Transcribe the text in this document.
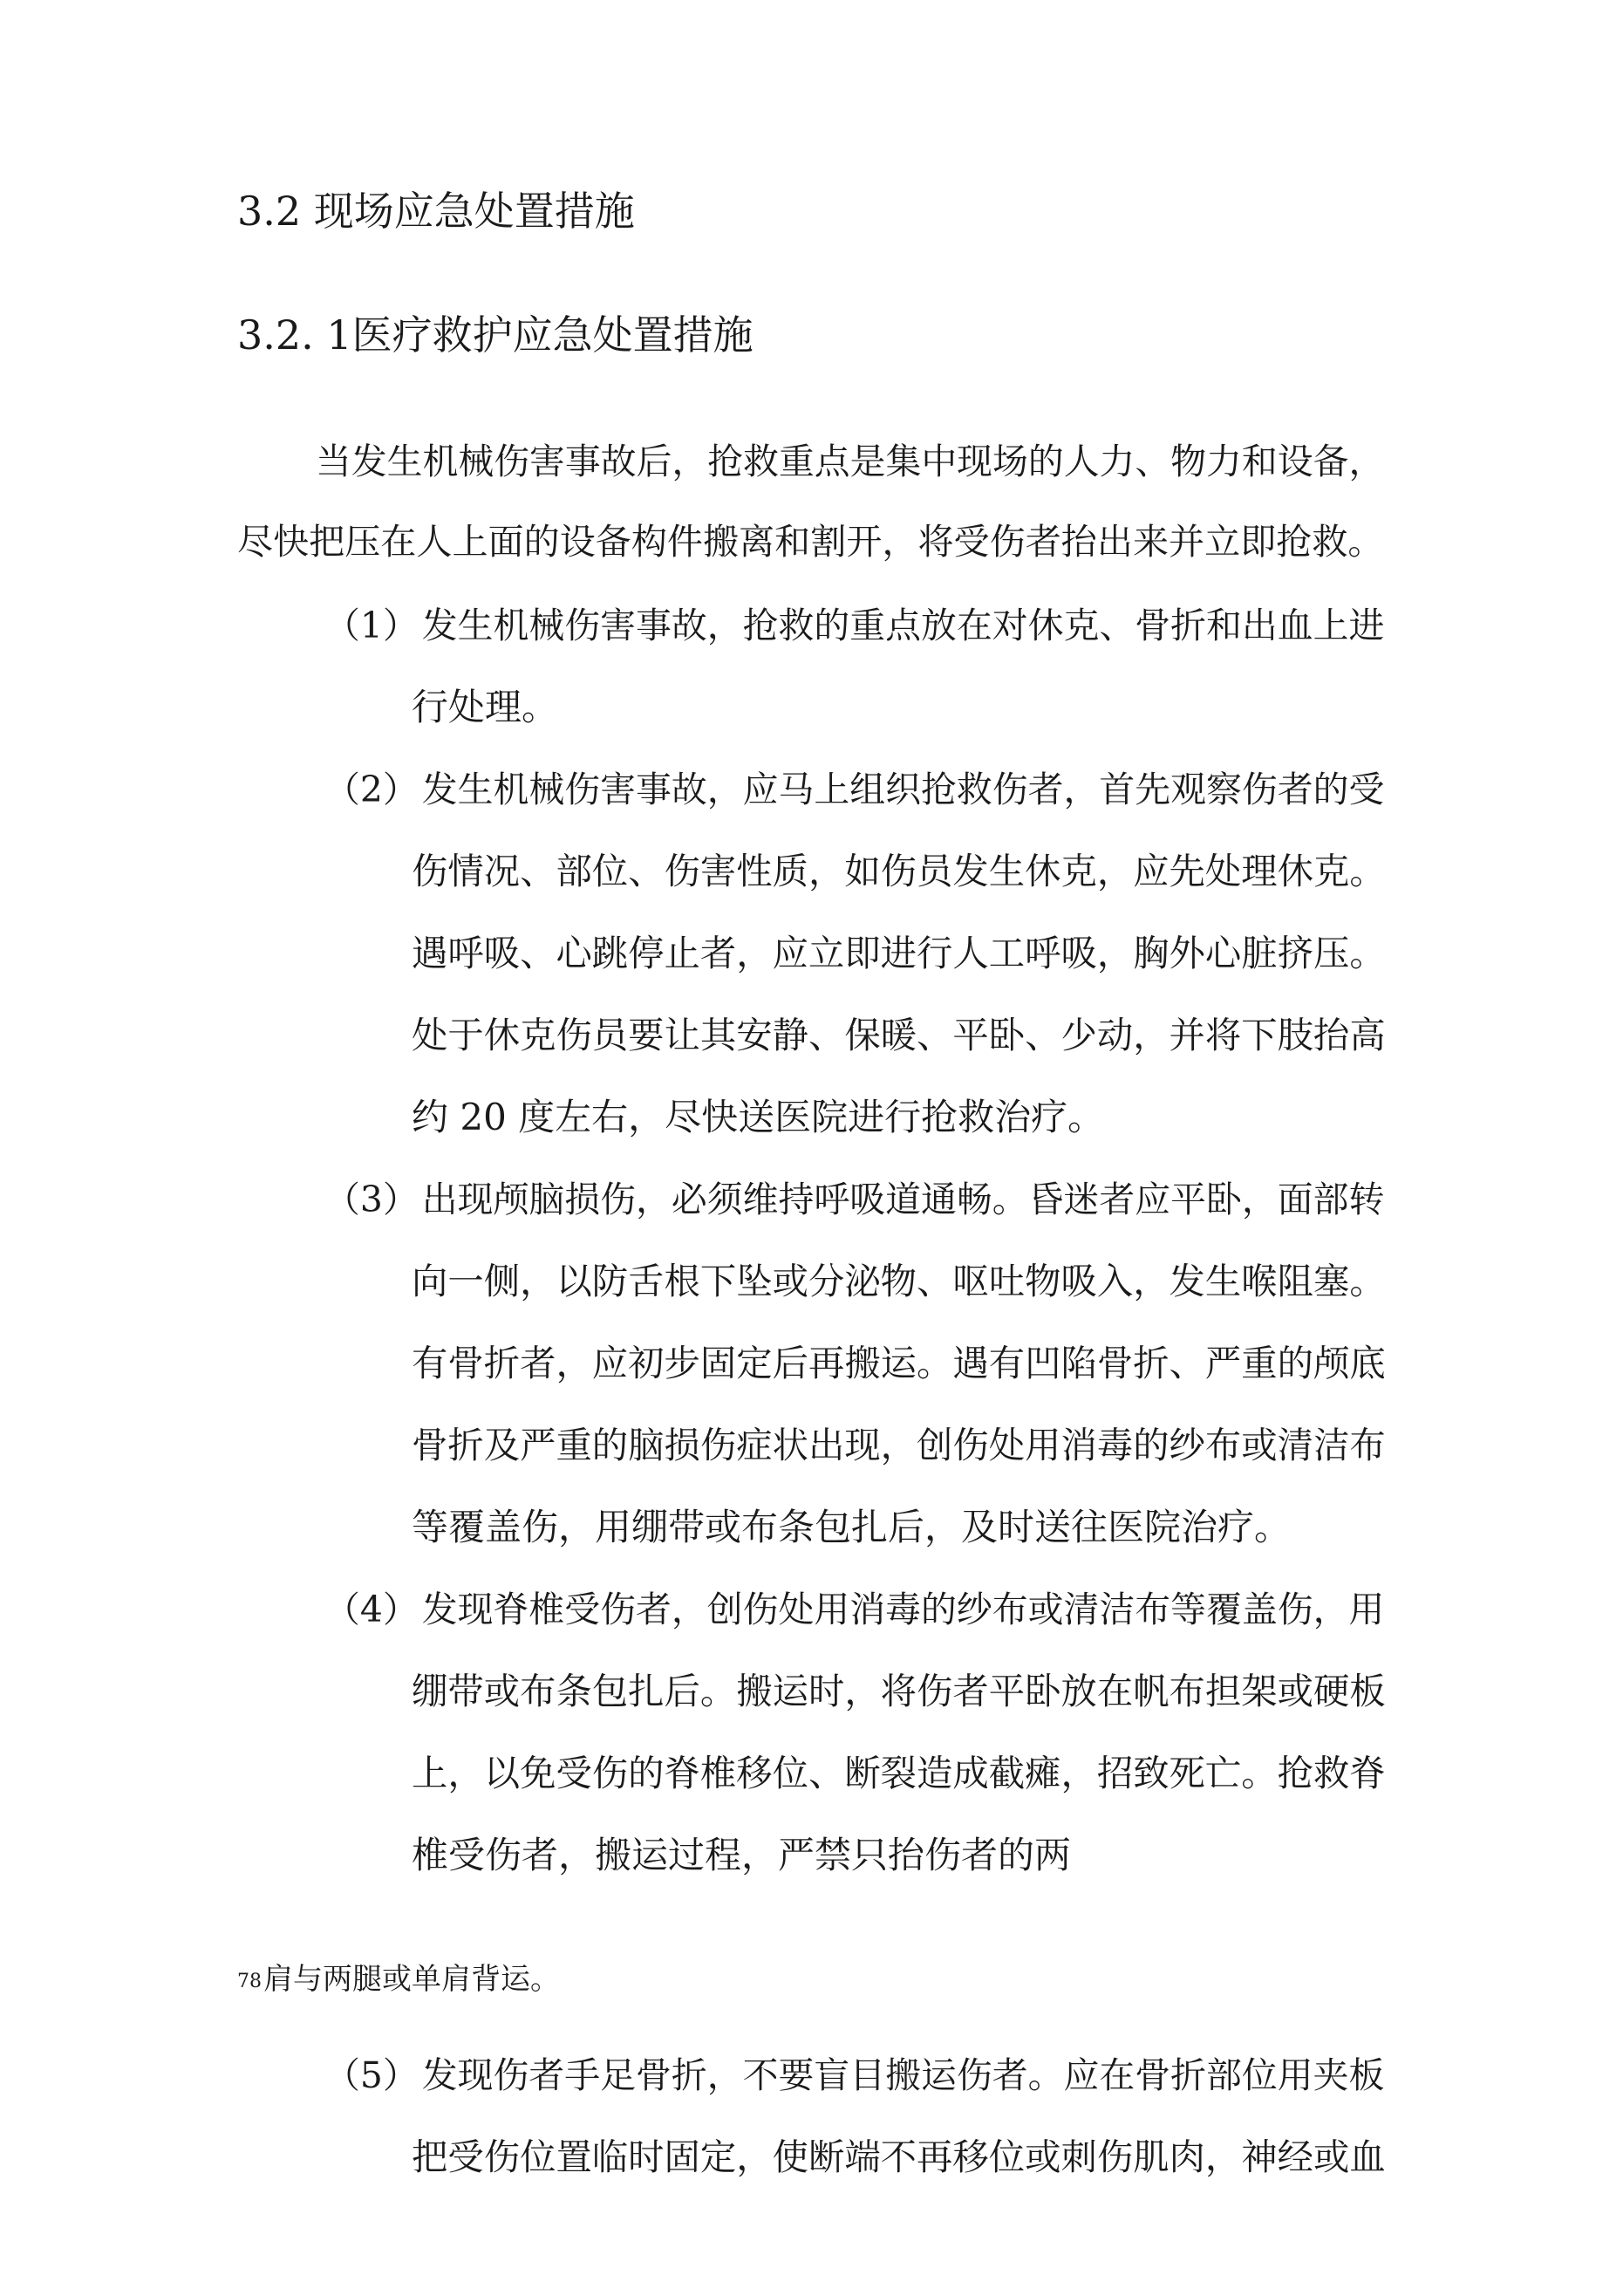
3.2 现场应急处置措施
3.2. 1医疗救护应急处置措施

当发生机械伤害事故后，抢救重点是集中现场的人力、物力和设备，

尽快把压在人上面的设备构件搬离和割开，将受伤者抬出来并立即抢救。

（1）发生机械伤害事故，抢救的重点放在对休克、骨折和出血上进

行处理。

（2）发生机械伤害事故，应马上组织抢救伤者，首先观察伤者的受

伤情况、部位、伤害性质，如伤员发生休克，应先处理休克。

遇呼吸、心跳停止者，应立即进行人工呼吸，胸外心脏挤压。

处于休克伤员要让其安静、保暖、平卧、少动，并将下肢抬高

约 20 度左右，尽快送医院进行抢救治疗。

（3）出现颅脑损伤，必须维持呼吸道通畅。昏迷者应平卧，面部转

向一侧，以防舌根下坠或分泌物、呕吐物吸入，发生喉阻塞。

有骨折者，应初步固定后再搬运。遇有凹陷骨折、严重的颅底

骨折及严重的脑损伤症状出现，创伤处用消毒的纱布或清洁布

等覆盖伤，用绷带或布条包扎后，及时送往医院治疗。

（4）发现脊椎受伤者，创伤处用消毒的纱布或清洁布等覆盖伤，用

绷带或布条包扎后。搬运时，将伤者平卧放在帆布担架或硬板

上，以免受伤的脊椎移位、断裂造成截瘫，招致死亡。抢救脊

椎受伤者，搬运过程，严禁只抬伤者的两

78肩与两腿或单肩背运。

（5）发现伤者手足骨折，不要盲目搬运伤者。应在骨折部位用夹板

把受伤位置临时固定，使断端不再移位或刺伤肌肉，神经或血
